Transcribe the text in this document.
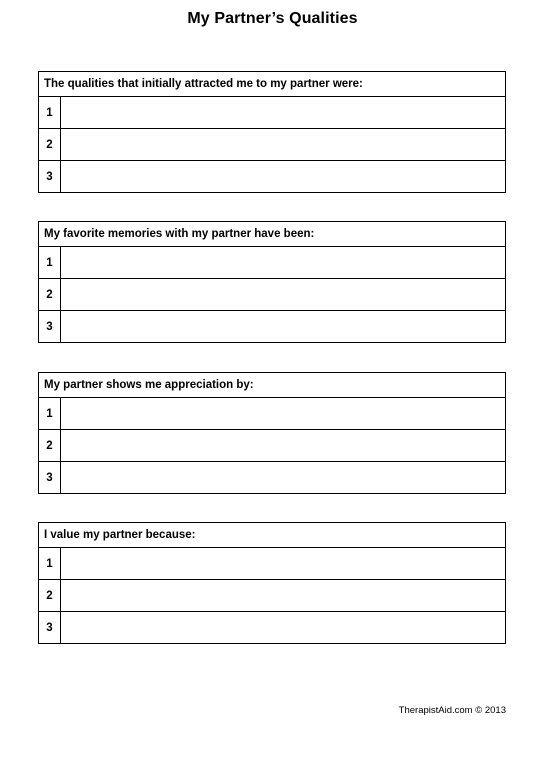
My Partner’s Qualities
The qualities that initially attracted me to my partner were:	
1	
2	
3	
My favorite memories with my partner have been:	
1	
2	
3	
My partner shows me appreciation by:	
1	
2	
3	
I value my partner because:	
1	
2	
3	
TherapistAid.com © 2013
